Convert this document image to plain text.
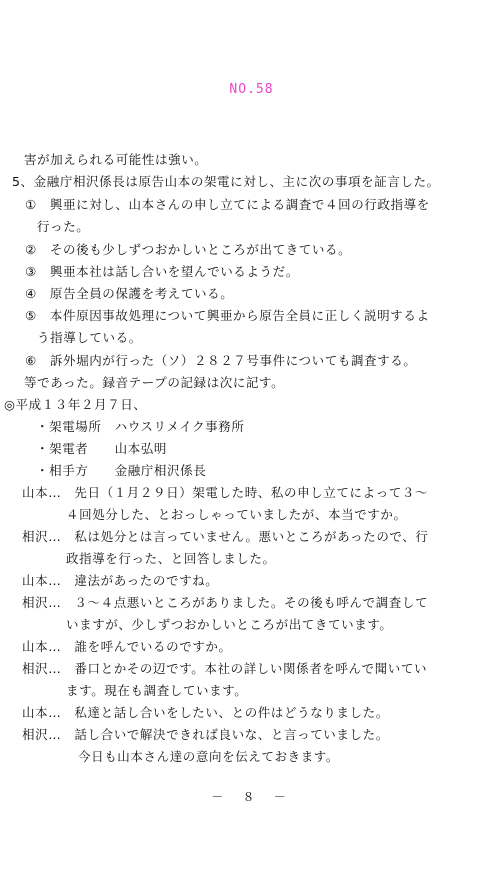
NO.58
害が加えられる可能性は強い。
5、金融庁相沢係長は原告山本の架電に対し、主に次の事項を証言した。
①　興亜に対し、山本さんの申し立てによる調査で４回の行政指導を
行った。
②　その後も少しずつおかしいところが出てきている。
③　興亜本社は話し合いを望んでいるようだ。
④　原告全員の保護を考えている。
⑤　本件原因事故処理について興亜から原告全員に正しく説明するよ
う指導している。
⑥　訴外堀内が行った（ソ）２８２７号事件についても調査する。
等であった。録音テープの記録は次に記す。
◎平成１３年２月７日、
・架電場所　ハウスリメイク事務所
・架電者　　山本弘明
・相手方　　金融庁相沢係長
山本…　先日（１月２９日）架電した時、私の申し立てによって３～
４回処分した、とおっしゃっていましたが、本当ですか。
相沢…　私は処分とは言っていません。悪いところがあったので、行
政指導を行った、と回答しました。
山本…　違法があったのですね。
相沢…　３～４点悪いところがありました。その後も呼んで調査して
いますが、少しずつおかしいところが出てきています。
山本…　誰を呼んでいるのですか。
相沢…　番口とかその辺です。本社の詳しい関係者を呼んで聞いてい
ます。現在も調査しています。
山本…　私達と話し合いをしたい、との件はどうなりました。
相沢…　話し合いで解決できれば良いな、と言っていました。
今日も山本さん達の意向を伝えておきます。
－ ８ －
